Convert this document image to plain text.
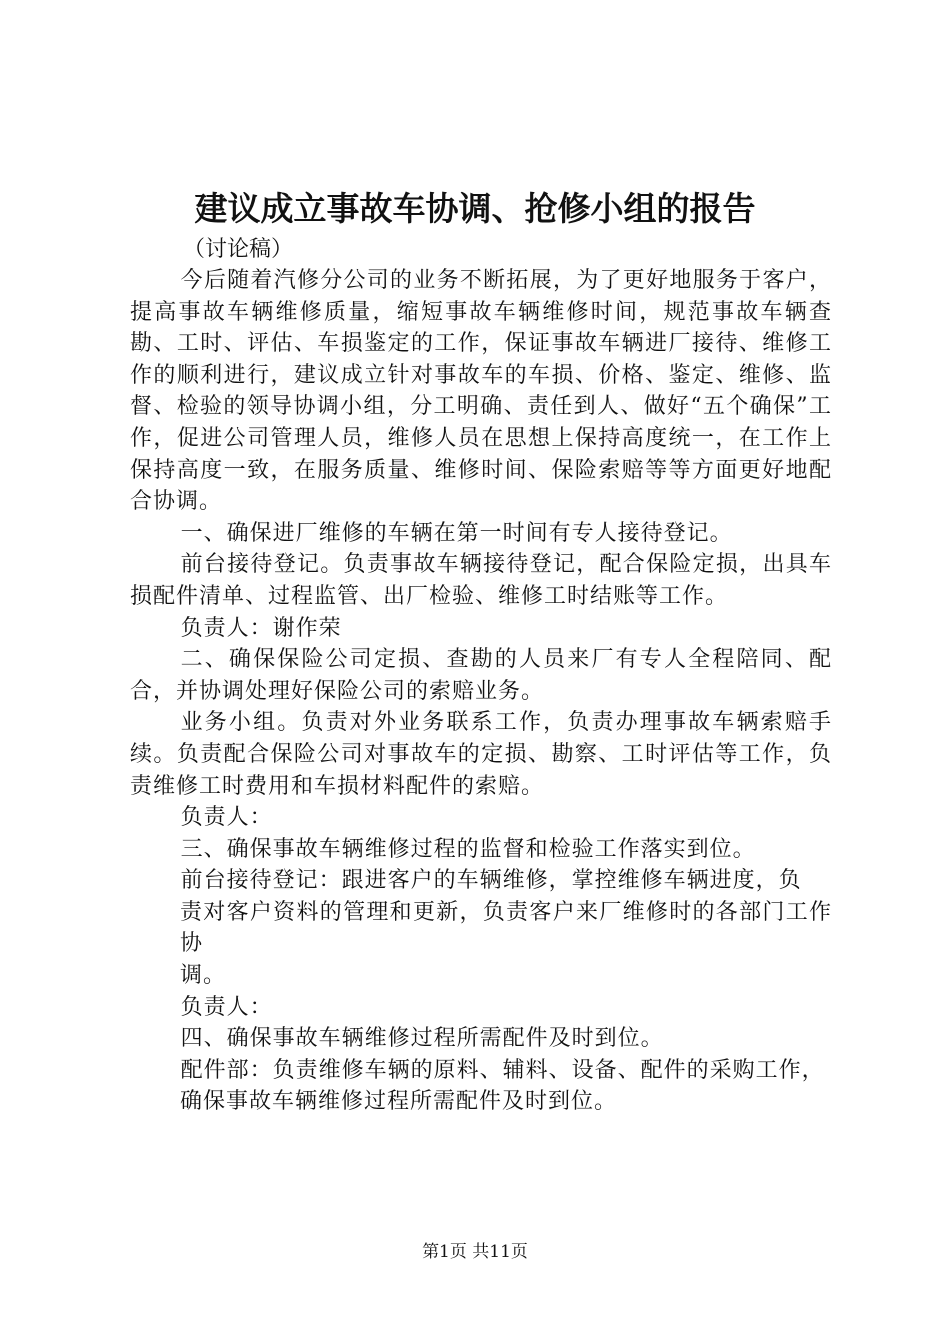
建议成立事故车协调、抢修小组的报告
（讨论稿）

今后随着汽修分公司的业务不断拓展，为了更好地服务于客户，提高事故车辆维修质量，缩短事故车辆维修时间，规范事故车辆查勘、工时、评估、车损鉴定的工作，保证事故车辆进厂接待、维修工作的顺利进行，建议成立针对事故车的车损、价格、鉴定、维修、监督、检验的领导协调小组，分工明确、责任到人、做好“五个确保”工作，促进公司管理人员，维修人员在思想上保持高度统一，在工作上保持高度一致，在服务质量、维修时间、保险索赔等等方面更好地配合协调。

一、确保进厂维修的车辆在第一时间有专人接待登记。

前台接待登记。负责事故车辆接待登记，配合保险定损，出具车损配件清单、过程监管、出厂检验、维修工时结账等工作。

负责人：谢作荣

二、确保保险公司定损、查勘的人员来厂有专人全程陪同、配合，并协调处理好保险公司的索赔业务。

业务小组。负责对外业务联系工作，负责办理事故车辆索赔手续。负责配合保险公司对事故车的定损、勘察、工时评估等工作，负责维修工时费用和车损材料配件的索赔。

负责人：

三、确保事故车辆维修过程的监督和检验工作落实到位。

前台接待登记：跟进客户的车辆维修，掌控维修车辆进度，负

责对客户资料的管理和更新，负责客户来厂维修时的各部门工作协

调。

负责人：

四、确保事故车辆维修过程所需配件及时到位。

配件部：负责维修车辆的原料、辅料、设备、配件的采购工作，

确保事故车辆维修过程所需配件及时到位。

第1页 共11页
